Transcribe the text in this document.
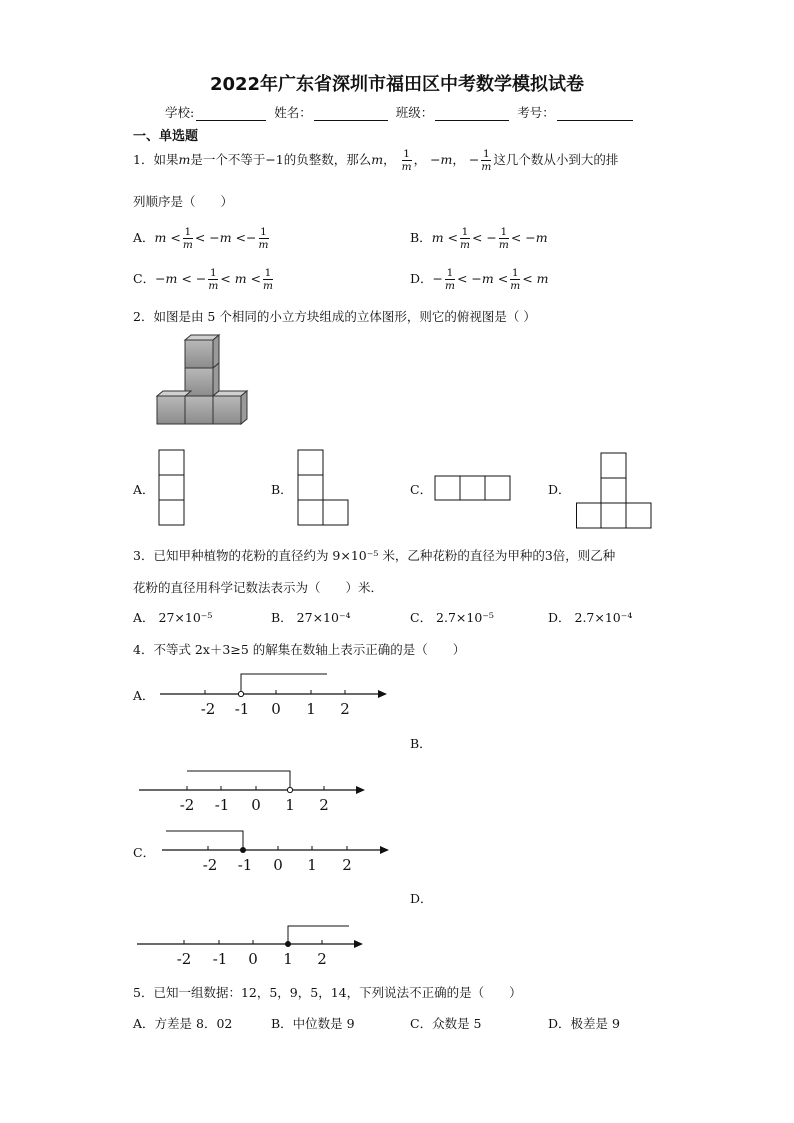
2022年广东省深圳市福田区中考数学模拟试卷
学校:	姓名：	班级：	考号：
一、单选题
1．如果m是一个不等于−1的负整数，那么m， $\frac{1}{m}$ ， −m， − $\frac{1}{m}$ 这几个数从小到大的排
列顺序是（　　）
A．$m < \frac{1}{m} < -m <- \frac{1}{m}$	B．$m < \frac{1}{m}$ < − $\frac{1}{m} < -m$
C．−m < − $\frac{1}{m} < m < \frac{1}{m}$	D．− $\frac{1}{m} < -m < \frac{1}{m} < m$
2．如图是由 5 个相同的小立方块组成的立体图形，则它的俯视图是（ ）
A．	B．	C．	D．
3．已知甲种植物的花粉的直径约为 9×10⁻⁵ 米，乙种花粉的直径为甲种的3倍，则乙种
花粉的直径用科学记数法表示为（　　）米．
A． 27×10⁻⁵	B． 27×10⁻⁴	C． 2.7×10⁻⁵	D． 2.7×10⁻⁴
4．不等式 2x＋3≥5 的解集在数轴上表示正确的是（　　）
A．
-2 -1 0 1 2
B．
-2 -1 0 1 2
C．
-2 -1 0 1 2
D．
-2 -1 0 1 2
5．已知一组数据：12，5，9，5，14，下列说法不正确的是（　　）
A．方差是 8．02	B．中位数是 9	C．众数是 5	D．极差是 9
